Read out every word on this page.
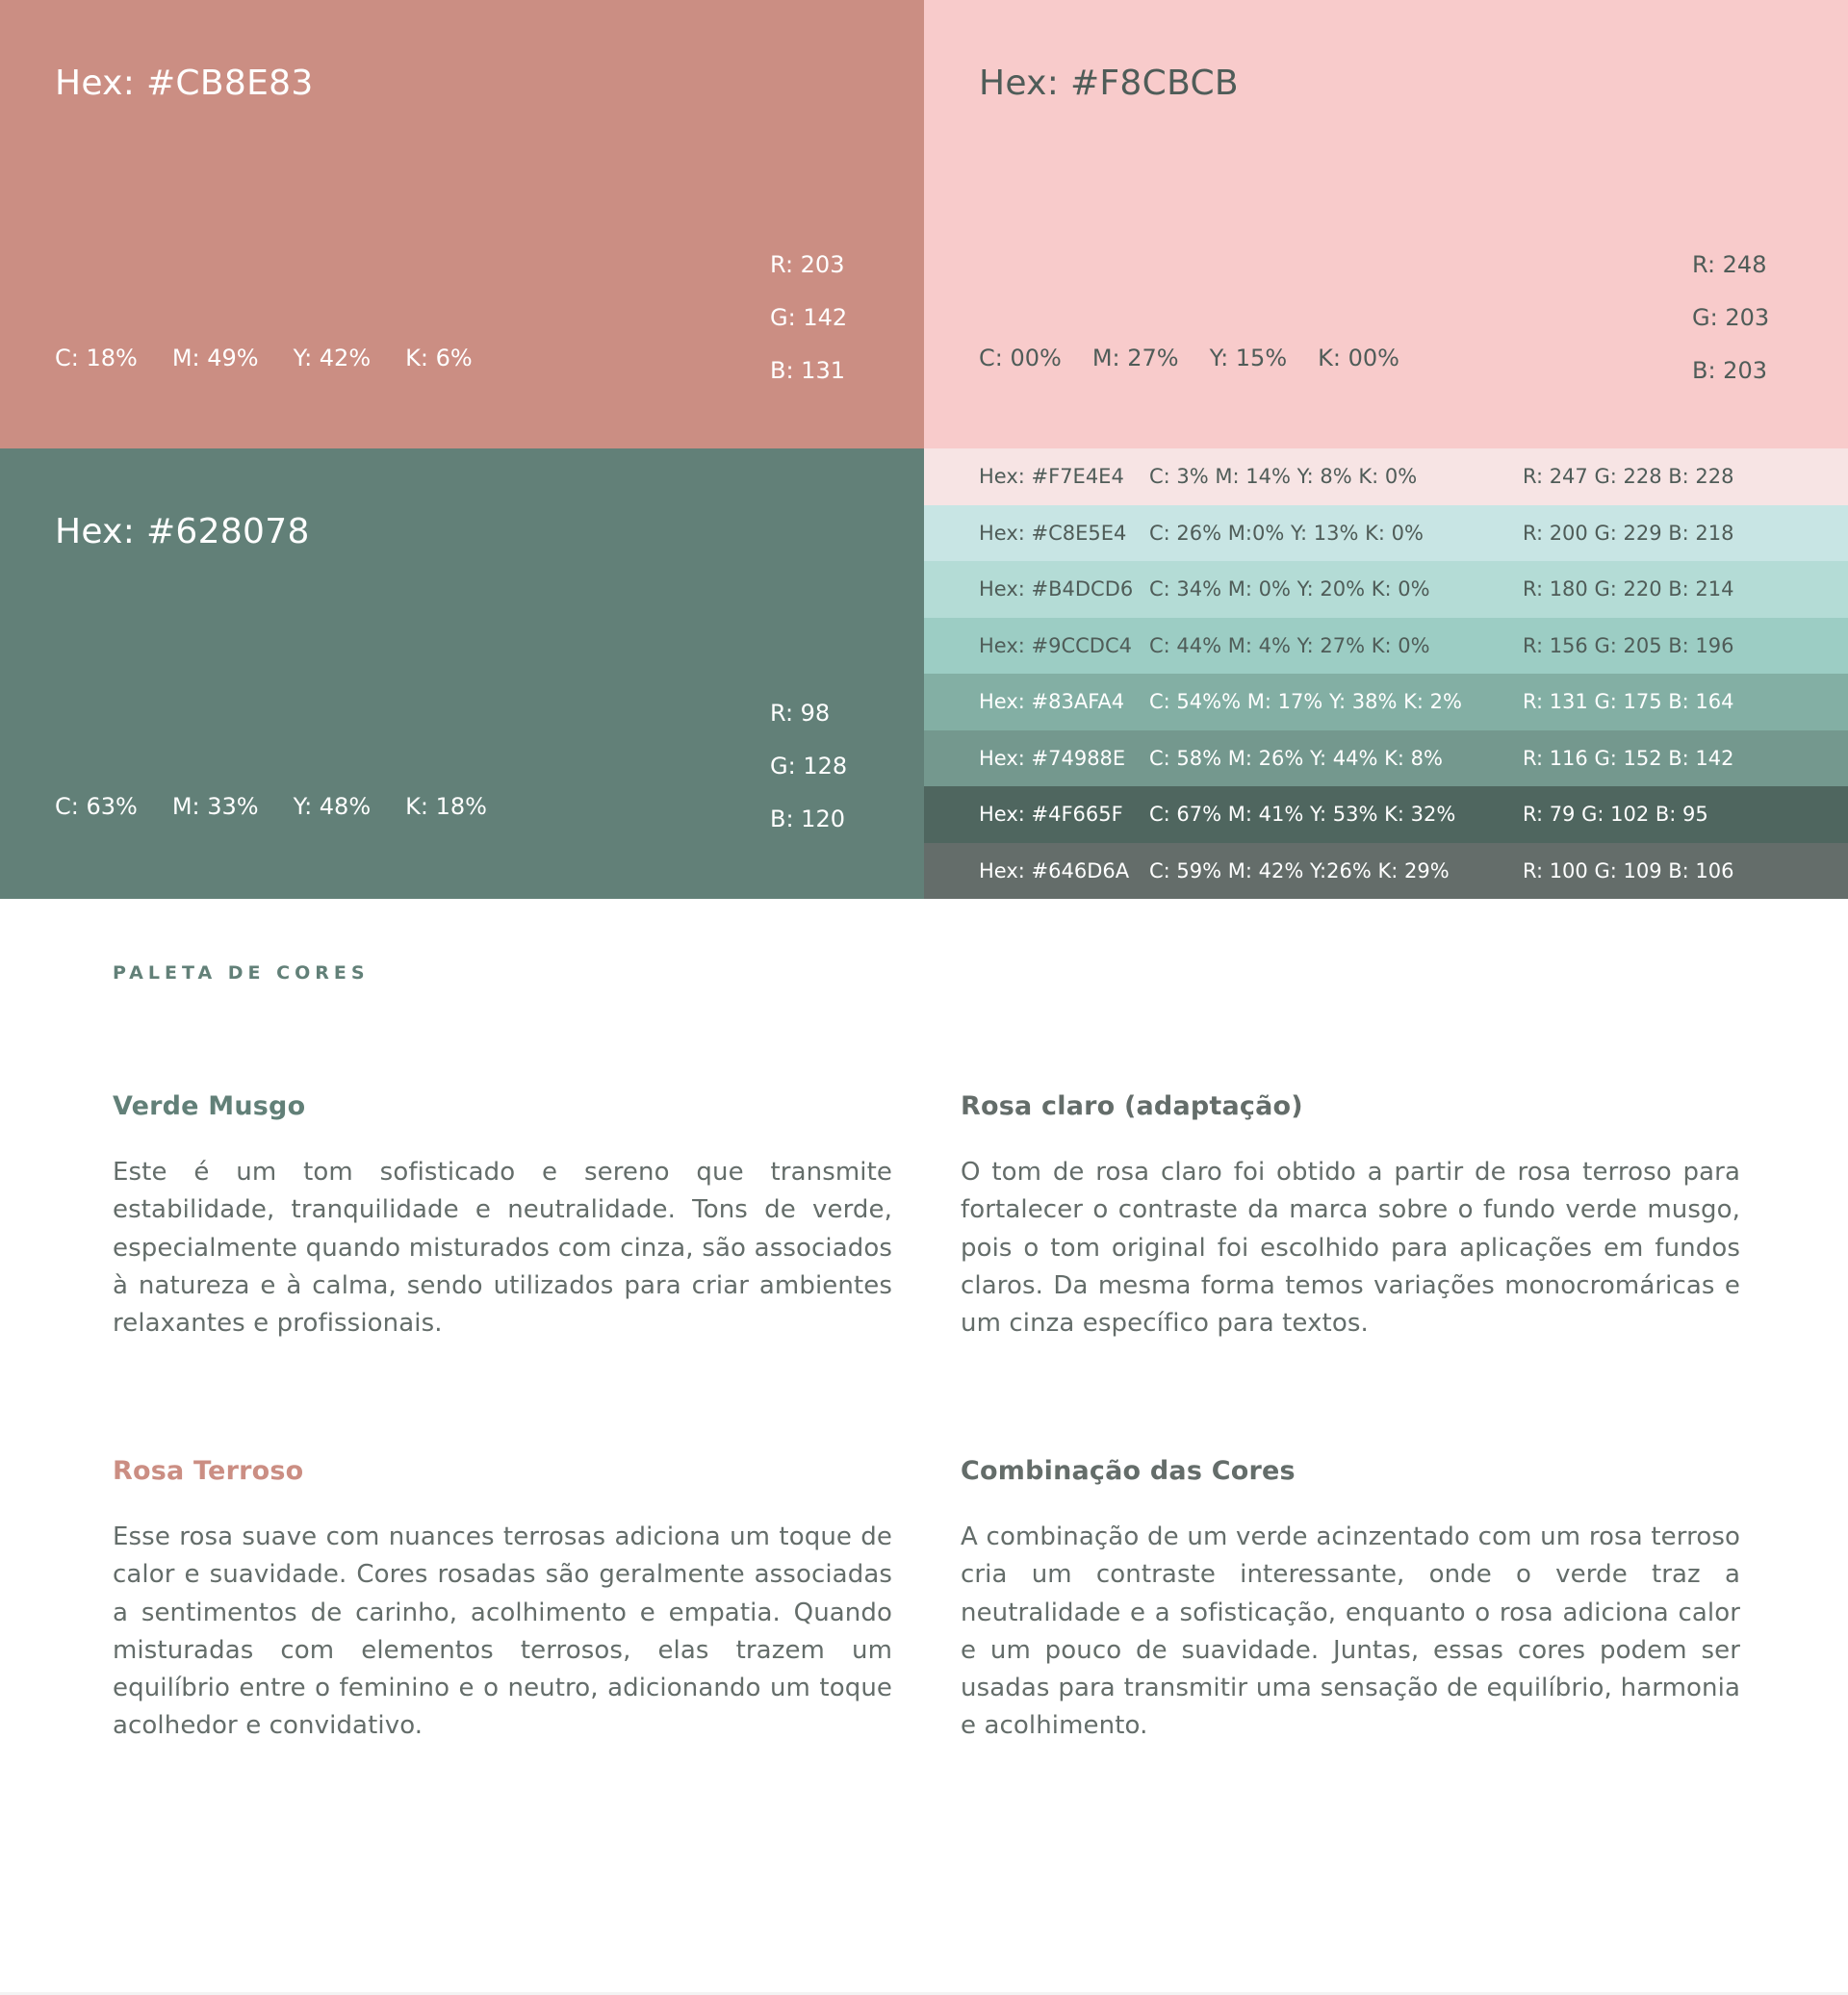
Hex: #CB8E83
C: 18% M: 49% Y: 42% K: 6%
R: 203
G: 142
B: 131
Hex: #F8CBCB
C: 00% M: 27% Y: 15% K: 00%
R: 248
G: 203
B: 203
Hex: #628078
C: 63% M: 33% Y: 48% K: 18%
R: 98
G: 128
B: 120
Hex: #F7E4E4	C: 3% M: 14% Y: 8% K: 0%	R: 247 G: 228 B: 228
Hex: #C8E5E4	C: 26% M:0% Y: 13% K: 0%	R: 200 G: 229 B: 218
Hex: #B4DCD6 C: 34% M: 0% Y: 20% K: 0%	R: 180 G: 220 B: 214
Hex: #9CCDC4 C: 44% M: 4% Y: 27% K: 0%	R: 156 G: 205 B: 196
Hex: #83AFA4	C: 54%% M: 17% Y: 38% K: 2%	R: 131 G: 175 B: 164
Hex: #74988E	C: 58% M: 26% Y: 44% K: 8%	R: 116 G: 152 B: 142
Hex: #4F665F	C: 67% M: 41% Y: 53% K: 32%	R: 79 G: 102 B: 95
Hex: #646D6A C: 59% M: 42% Y:26% K: 29%	R: 100 G: 109 B: 106
PALETA DE CORES
Verde Musgo

Este é um tom sofisticado e sereno que transmite estabilidade, tranquilidade e neutralidade. Tons de verde, especialmente quando misturados com cinza, são associados à natureza e à calma, sendo utilizados para criar ambientes relaxantes e profissionais.

Rosa claro (adaptação)

O tom de rosa claro foi obtido a partir de rosa terroso para fortalecer o contraste da marca sobre o fundo verde musgo, pois o tom original foi escolhido para aplicações em fundos claros. Da mesma forma temos variações monocromáricas e um cinza específico para textos.

Rosa Terroso

Esse rosa suave com nuances terrosas adiciona um toque de calor e suavidade. Cores rosadas são geralmente associadas a sentimentos de carinho, acolhimento e empatia. Quando misturadas com elementos terrosos, elas trazem um equilíbrio entre o feminino e o neutro, adicionando um toque acolhedor e convidativo.

Combinação das Cores

A combinação de um verde acinzentado com um rosa terroso cria um contraste interessante, onde o verde traz a neutralidade e a sofisticação, enquanto o rosa adiciona calor e um pouco de suavidade. Juntas, essas cores podem ser usadas para transmitir uma sensação de equilíbrio, harmonia e acolhimento.
